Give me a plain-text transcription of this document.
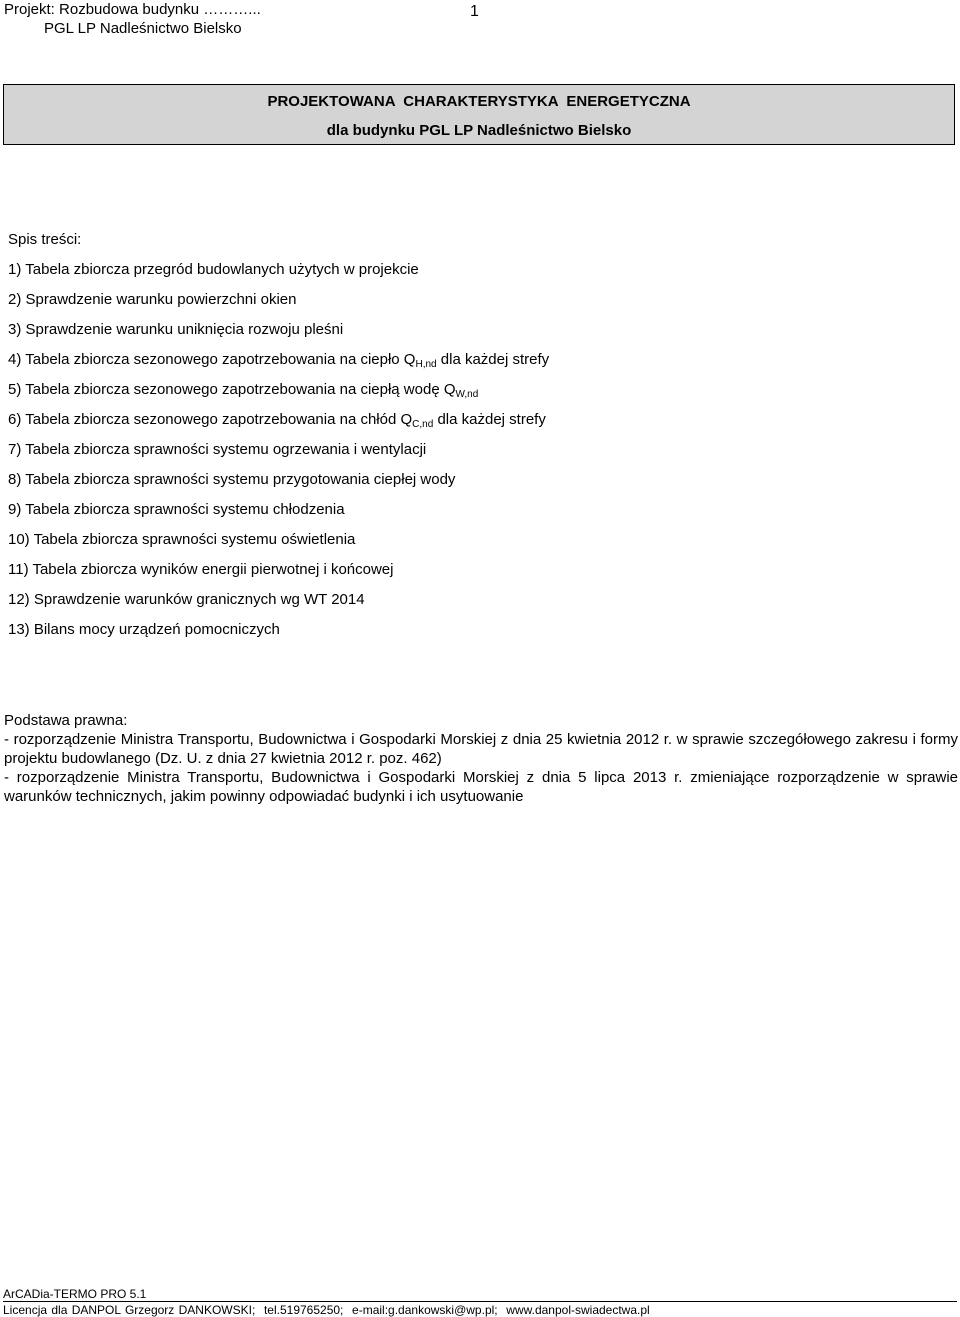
Projekt: Rozbudowa budynku ………...
PGL LP Nadleśnictwo Bielsko
1
PROJEKTOWANA  CHARAKTERYSTYKA  ENERGETYCZNA
dla budynku PGL LP Nadleśnictwo Bielsko
Spis treści:
1) Tabela zbiorcza przegród budowlanych użytych w projekcie
2) Sprawdzenie warunku powierzchni okien
3) Sprawdzenie warunku uniknięcia rozwoju pleśni
4) Tabela zbiorcza sezonowego zapotrzebowania na ciepło $Q_{H,nd}$ dla każdej strefy
5) Tabela zbiorcza sezonowego zapotrzebowania na ciepłą wodę $Q_{W,nd}$
6) Tabela zbiorcza sezonowego zapotrzebowania na chłód $Q_{C,nd}$ dla każdej strefy
7) Tabela zbiorcza sprawności systemu ogrzewania i wentylacji
8) Tabela zbiorcza sprawności systemu przygotowania ciepłej wody
9) Tabela zbiorcza sprawności systemu chłodzenia
10) Tabela zbiorcza sprawności systemu oświetlenia
11) Tabela zbiorcza wyników energii pierwotnej i końcowej
12) Sprawdzenie warunków granicznych wg WT 2014
13) Bilans mocy urządzeń pomocniczych
Podstawa prawna:
- rozporządzenie Ministra Transportu, Budownictwa i Gospodarki Morskiej z dnia 25 kwietnia 2012 r. w sprawie szczegółowego zakresu i formy projektu budowlanego (Dz. U. z dnia 27 kwietnia 2012 r. poz. 462)
- rozporządzenie Ministra Transportu, Budownictwa i Gospodarki Morskiej z dnia 5 lipca 2013 r. zmieniające rozporządzenie w sprawie warunków technicznych, jakim powinny odpowiadać budynki i ich usytuowanie
ArCADia-TERMO PRO 5.1
Licencja dla DANPOL Grzegorz DANKOWSKI;  tel.519765250;  e-mail:g.dankowski@wp.pl;  www.danpol-swiadectwa.pl
